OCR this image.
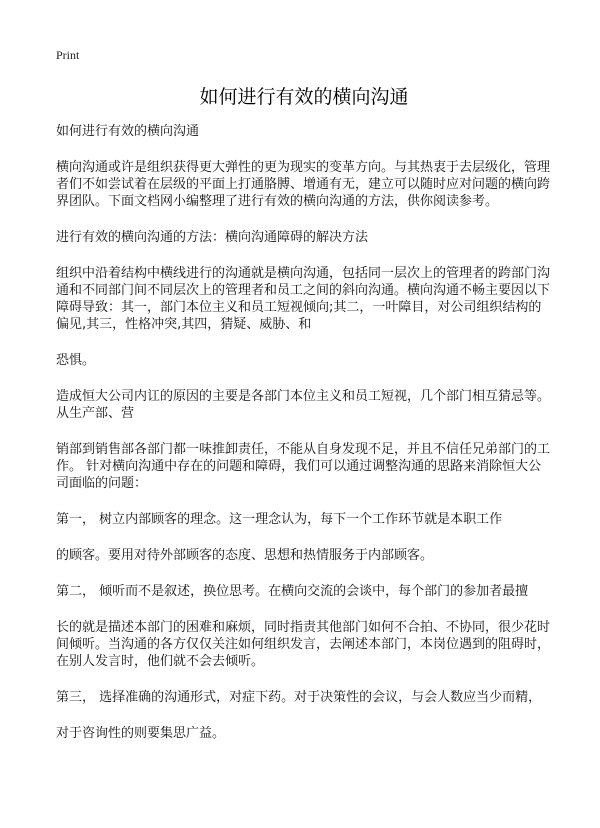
Print
如何进行有效的横向沟通

如何进行有效的横向沟通

横向沟通或许是组织获得更大弹性的更为现实的变革方向。与其热衷于去层级化，管理者们不如尝试着在层级的平面上打通胳膊、增通有无，建立可以随时应对问题的横向跨界团队。下面文档网小编整理了进行有效的横向沟通的方法，供你阅读参考。

进行有效的横向沟通的方法：横向沟通障碍的解决方法

组织中沿着结构中横线进行的沟通就是横向沟通，包括同一层次上的管理者的跨部门沟通和不同部门间不同层次上的管理者和员工之间的斜向沟通。横向沟通不畅主要因以下障碍导致：其一，部门本位主义和员工短视倾向;其二，一叶障目，对公司组织结构的偏见,其三，性格冲突,其四，猜疑、威胁、和

恐惧。

造成恒大公司内讧的原因的主要是各部门本位主义和员工短视，几个部门相互猜忌等。从生产部、营

销部到销售部各部门都一味推卸责任，不能从自身发现不足，并且不信任兄弟部门的工作。 针对横向沟通中存在的问题和障碍，我们可以通过调整沟通的思路来消除恒大公司面临的问题：

第一， 树立内部顾客的理念。这一理念认为，每下一个工作环节就是本职工作

的顾客。要用对待外部顾客的态度、思想和热情服务于内部顾客。

第二， 倾听而不是叙述，换位思考。在横向交流的会谈中，每个部门的参加者最擅

长的就是描述本部门的困难和麻烦，同时指责其他部门如何不合拍、不协同，很少花时间倾听。当沟通的各方仅仅关注如何组织发言，去阐述本部门，本岗位遇到的阻碍时，在别人发言时，他们就不会去倾听。

第三， 选择准确的沟通形式，对症下药。对于决策性的会议，与会人数应当少而精，

对于咨询性的则要集思广益。
